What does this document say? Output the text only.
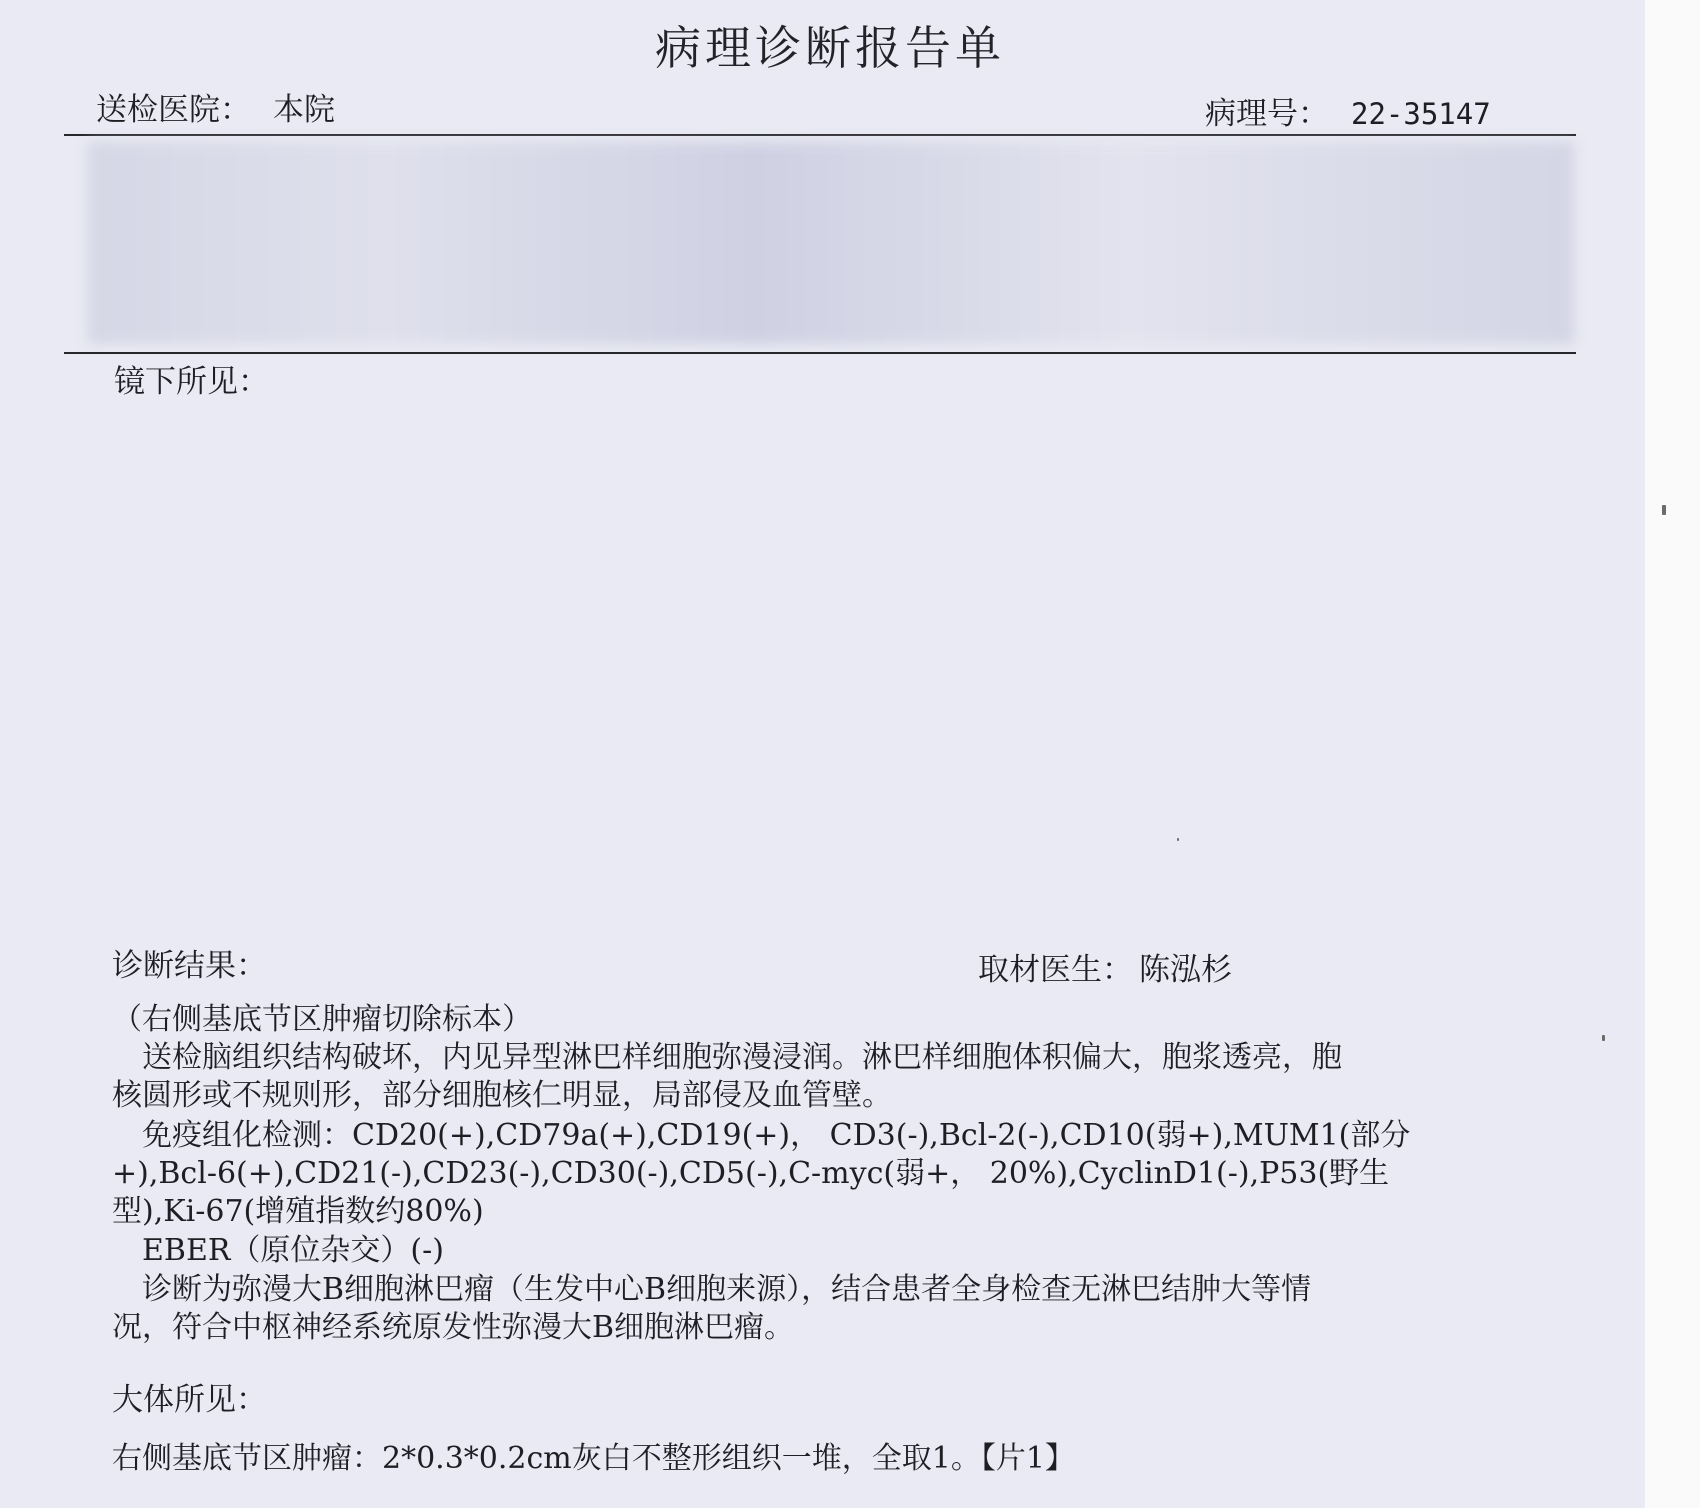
病理诊断报告单
送检医院： 本院	病理号： 22-35147
镜下所见：
诊断结果：	取材医生： 陈泓杉
（右侧基底节区肿瘤切除标本）
　送检脑组织结构破坏，内见异型淋巴样细胞弥漫浸润。淋巴样细胞体积偏大，胞浆透亮，胞
核圆形或不规则形，部分细胞核仁明显，局部侵及血管壁。
　免疫组化检测：CD20(+),CD79a(+),CD19(+)， CD3(-),Bcl-2(-),CD10(弱+),MUM1(部分
+),Bcl-6(+),CD21(-),CD23(-),CD30(-),CD5(-),C-myc(弱+， 20%),CyclinD1(-),P53(野生
型),Ki-67(增殖指数约80%)
　EBER（原位杂交）(-)
　诊断为弥漫大B细胞淋巴瘤（生发中心B细胞来源），结合患者全身检查无淋巴结肿大等情
况，符合中枢神经系统原发性弥漫大B细胞淋巴瘤。
大体所见：
右侧基底节区肿瘤：2*0.3*0.2cm灰白不整形组织一堆，全取1。【片1】
